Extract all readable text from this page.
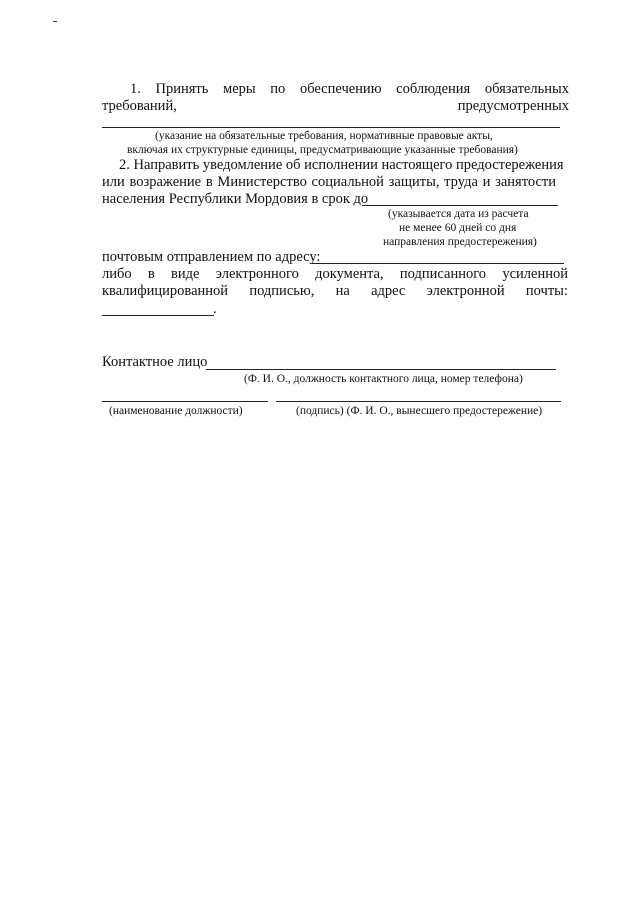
1. Принять меры по обеспечению соблюдения обязательных
требований,	предусмотренных
(указание на обязательные требования, нормативные правовые акты,
включая их структурные единицы, предусматривающие указанные требования)
2. Направить уведомление об исполнении настоящего предостережения
или возражение в Министерство социальной защиты, труда и занятости
населения Республики Мордовия в срок до
(указывается дата из расчета
не менее 60 дней со дня
направления предостережения)
почтовым отправлением по адресу:
либо в виде электронного документа, подписанного усиленной
квалифицированной подписью, на адрес электронной почты:
.
Контактное лицо
(Ф. И. О., должность контактного лица, номер телефона)
(наименование должности)	(подпись) (Ф. И. О., вынесшего предостережение)
